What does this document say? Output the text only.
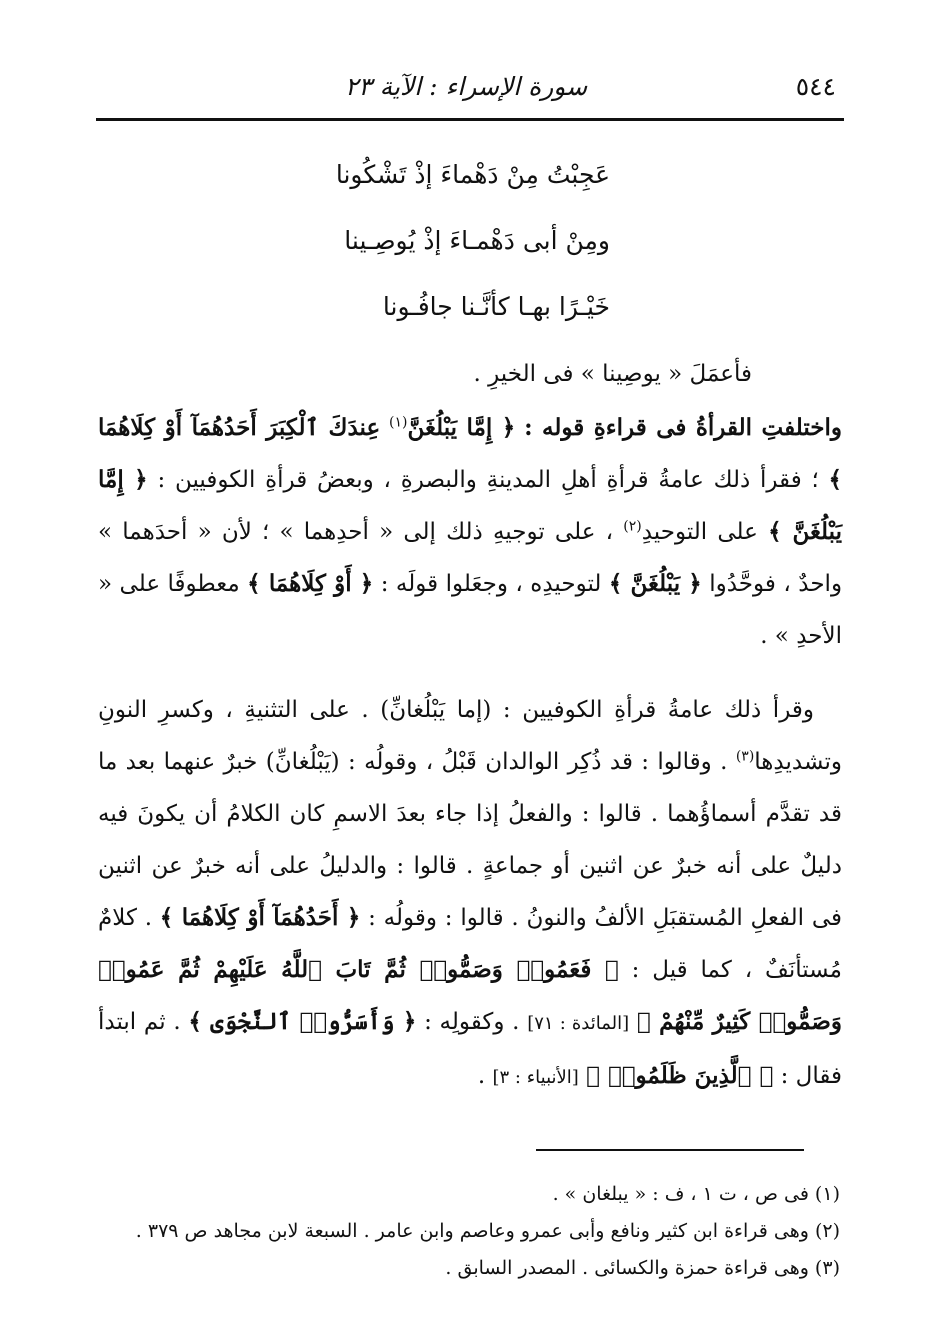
٥٤٤
سورة الإسراء : الآية ٢٣
عَجِبْتُ مِنْ دَهْماءَ إذْ تَشْكُونا
ومِنْ أبى دَهْمـاءَ إذْ يُوصِـينا
خَيْـرًا بهـا كأنَّـنا جافُـونا
فأعمَلَ « يوصِينا » فى الخيرِ .
واختلفتِ القرأةُ فى قراءةِ قوله : ﴿ إِمَّا يَبْلُغَنَّ$^{(١)}$ عِندَكَ ٱلْكِبَرَ أَحَدُهُمَآ أَوْ كِلَاهُمَا ﴾ ؛ فقرأ ذلك عامةُ قرأةِ أهلِ المدينةِ والبصرةِ ، وبعضُ قرأةِ الكوفيين : ﴿ إِمَّا يَبْلُغَنَّ ﴾ على التوحيدِ$^{(٢)}$ ، على توجيهِ ذلك إلى « أحدِهما » ؛ لأن « أحدَهما » واحدٌ ، فوحَّدُوا ﴿ يَبْلُغَنَّ ﴾ لتوحيدِه ، وجعَلوا قولَه : ﴿ أَوْ كِلَاهُمَا ﴾ معطوفًا على « الأحدِ » .
وقرأ ذلك عامةُ قرأةِ الكوفيين : (إما يَبْلُغانِّ) . على التثنيةِ ، وكسرِ النونِ وتشديدِها$^{(٣)}$ . وقالوا : قد ذُكِر الوالدان قَبْلُ ، وقولُه : (يَبْلُغانِّ) خبرٌ عنهما بعد ما قد تقدَّم أسماؤُهما . قالوا : والفعلُ إذا جاء بعدَ الاسمِ كان الكلامُ أن يكونَ فيه دليلٌ على أنه خبرٌ عن اثنين أو جماعةٍ . قالوا : والدليلُ على أنه خبرٌ عن اثنين فى الفعلِ المُستقبَلِ الألفُ والنونُ . قالوا : وقولُه : ﴿ أَحَدُهُمَآ أَوْ كِلَاهُمَا ﴾ . كلامٌ مُستأنَفٌ ، كما قيل : ﴿ فَعَمُوا۟ وَصَمُّوا۟ ثُمَّ تَابَ ٱللَّهُ عَلَيْهِمْ ثُمَّ عَمُوا۟ وَصَمُّوا۟ كَثِيرٌ مِّنْهُمْ ﴾ [المائدة : ٧١] . وكقولِه : ﴿ وَأَسَرُّوا۟ ٱلنَّجْوَى ﴾ . ثم ابتدأ فقال : ﴿ ٱلَّذِينَ ظَلَمُوا۟ ﴾ [الأنبياء : ٣] .
(١) فى ص ، ت ١ ، ف : « يبلغان » .
(٢) وهى قراءة ابن كثير ونافع وأبى عمرو وعاصم وابن عامر . السبعة لابن مجاهد ص ٣٧٩ .
(٣) وهى قراءة حمزة والكسائى . المصدر السابق .
